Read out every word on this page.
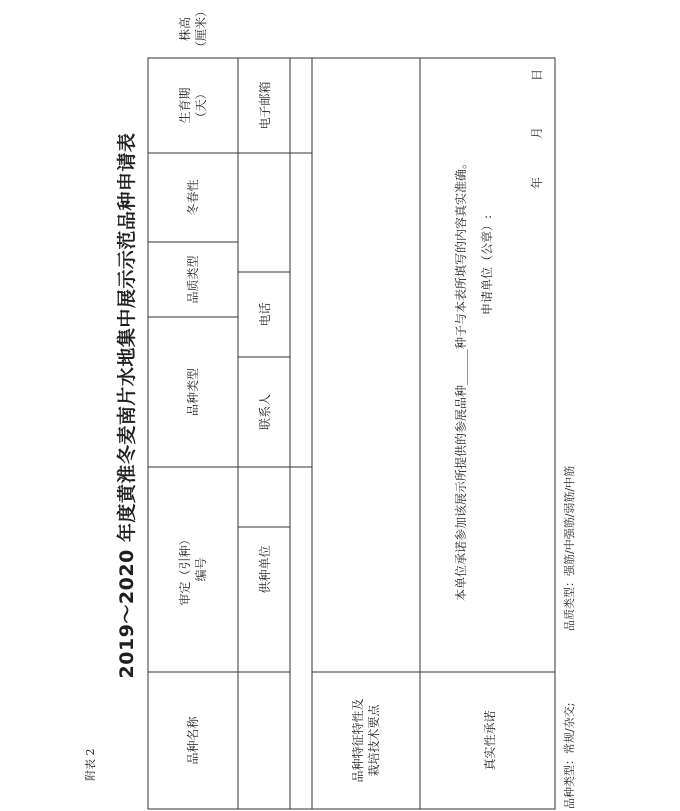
附表 2
2019～2020 年度黄淮冬麦南片水地集中展示示范品种申请表
品种名称
审定（引种） 编号
品种类型
品质类型
冬春性
生育期 （天）
株高 （厘米）
供种单位
联系人
电话
电子邮箱
品种特征特性及 栽培技术要点	真实性承诺
本单位承诺参加该展示所提供的参展品种______种子与本表所填写的内容真实准确。 申请单位（公章）:
年
月
日
品种类型：常规/杂交;
品质类型：强筋/中强筋/弱筋/中筋
